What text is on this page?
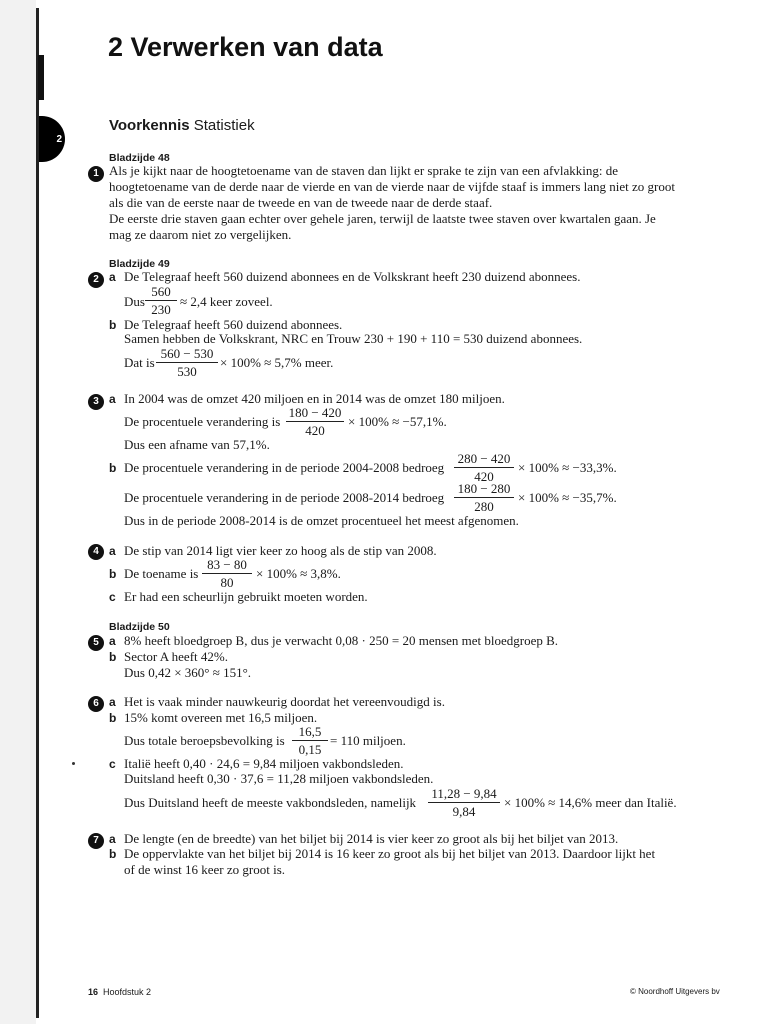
2
2 Verwerken van data
Voorkennis Statistiek
Bladzijde 48
1 Als je kijkt naar de hoogtetoename van de staven dan lijkt er sprake te zijn van een afvlakking: de
hoogtetoename van de derde naar de vierde en van de vierde naar de vijfde staaf is immers lang niet zo groot
als die van de eerste naar de tweede en van de tweede naar de derde staaf.
De eerste drie staven gaan echter over gehele jaren, terwijl de laatste twee staven over kwartalen gaan. Je
mag ze daarom niet zo vergelijken.
Bladzijde 49
2 a De Telegraaf heeft 560 duizend abonnees en de Volkskrant heeft 230 duizend abonnees.
Dus $\frac{560}{230} \approx 2,4$ keer zoveel.
b De Telegraaf heeft 560 duizend abonnees.
Samen hebben de Volkskrant, NRC en Trouw 230 + 190 + 110 = 530 duizend abonnees.
Dat is $\frac{560 - 530}{530} \times 100\% \approx 5,7\%$ meer.
3 a In 2004 was de omzet 420 miljoen en in 2014 was de omzet 180 miljoen.
De procentuele verandering is $\frac{180 - 420}{420} \times 100\% \approx -57,1\%$.
Dus een afname van 57,1%.
b De procentuele verandering in de periode 2004-2008 bedroeg $\frac{280 - 420}{420} \times 100\% \approx -33,3\%$.
De procentuele verandering in de periode 2008-2014 bedroeg $\frac{180 - 280}{280} \times 100\% \approx -35,7\%$.
Dus in de periode 2008-2014 is de omzet procentueel het meest afgenomen.
4 a De stip van 2014 ligt vier keer zo hoog als de stip van 2008.
b De toename is $\frac{83 - 80}{80} \times 100\% \approx 3,8\%$.
c Er had een scheurlijn gebruikt moeten worden.
Bladzijde 50
5 a 8% heeft bloedgroep B, dus je verwacht 0,08 · 250 = 20 mensen met bloedgroep B.
b Sector A heeft 42%.
Dus 0,42 × 360° ≈ 151°.
6 a Het is vaak minder nauwkeurig doordat het vereenvoudigd is.
b 15% komt overeen met 16,5 miljoen.
Dus totale beroepsbevolking is $\frac{16,5}{0,15} = 110$ miljoen.
c Italië heeft 0,40 · 24,6 = 9,84 miljoen vakbondsleden.
Duitsland heeft 0,30 · 37,6 = 11,28 miljoen vakbondsleden.
Dus Duitsland heeft de meeste vakbondsleden, namelijk $\frac{11,28 - 9,84}{9,84} \times 100\% \approx 14,6\%$ meer dan Italië.
7 a De lengte (en de breedte) van het biljet bij 2014 is vier keer zo groot als bij het biljet van 2013.
b De oppervlakte van het biljet bij 2014 is 16 keer zo groot als bij het biljet van 2013. Daardoor lijkt het
of de winst 16 keer zo groot is.
16 Hoofdstuk 2	© Noordhoff Uitgevers bv
